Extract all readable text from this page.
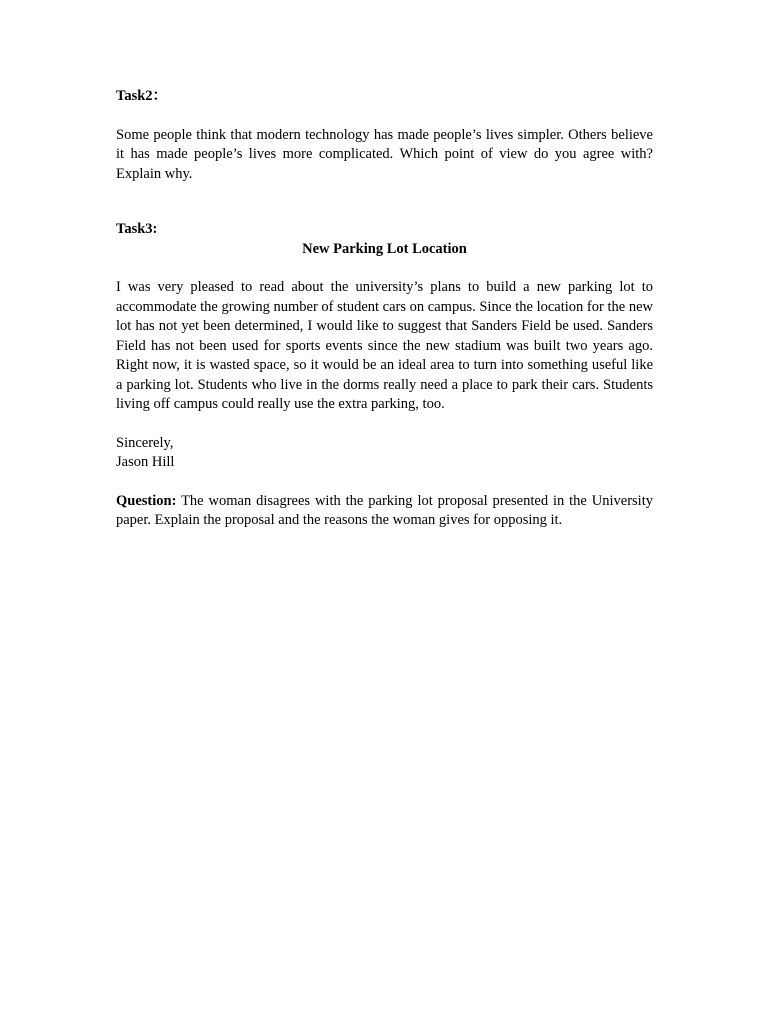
Task2：

Some people think that modern technology has made people’s lives simpler. Others believe it has made people’s lives more complicated. Which point of view do you agree with? Explain why.

Task3:

New Parking Lot Location

I was very pleased to read about the university’s plans to build a new parking lot to accommodate the growing number of student cars on campus. Since the location for the new lot has not yet been determined, I would like to suggest that Sanders Field be used. Sanders Field has not been used for sports events since the new stadium was built two years ago. Right now, it is wasted space, so it would be an ideal area to turn into something useful like a parking lot. Students who live in the dorms really need a place to park their cars. Students living off campus could really use the extra parking, too.

Sincerely,

Jason Hill

Question: The woman disagrees with the parking lot proposal presented in the University paper. Explain the proposal and the reasons the woman gives for opposing it.
